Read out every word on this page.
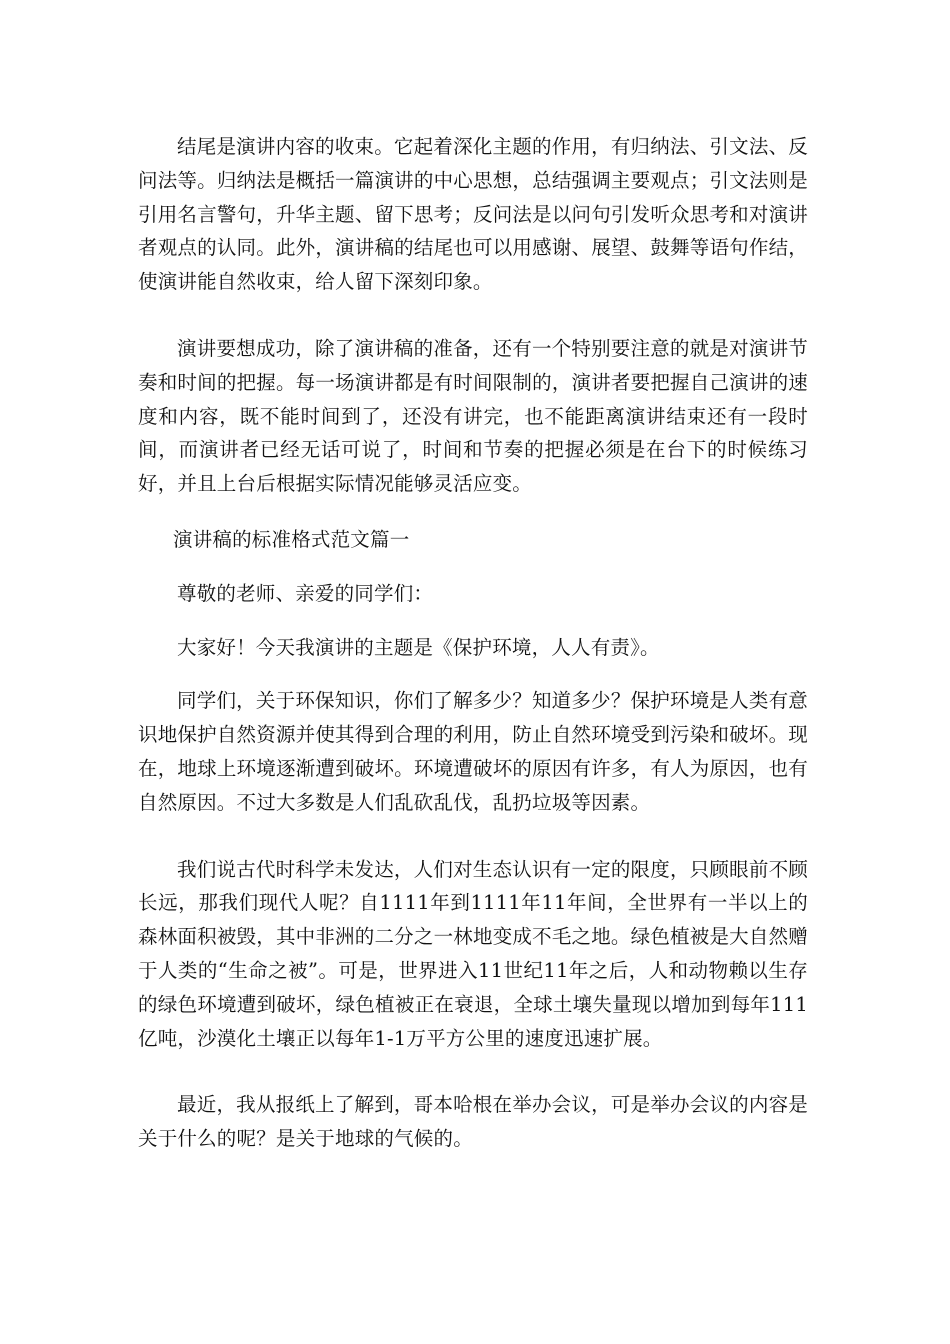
结尾是演讲内容的收束。它起着深化主题的作用，有归纳法、引文法、反问法等。归纳法是概括一篇演讲的中心思想，总结强调主要观点；引文法则是引用名言警句，升华主题、留下思考；反问法是以问句引发听众思考和对演讲者观点的认同。此外，演讲稿的结尾也可以用感谢、展望、鼓舞等语句作结，使演讲能自然收束，给人留下深刻印象。

演讲要想成功，除了演讲稿的准备，还有一个特别要注意的就是对演讲节奏和时间的把握。每一场演讲都是有时间限制的，演讲者要把握自己演讲的速度和内容，既不能时间到了，还没有讲完，也不能距离演讲结束还有一段时间，而演讲者已经无话可说了，时间和节奏的把握必须是在台下的时候练习好，并且上台后根据实际情况能够灵活应变。

演讲稿的标准格式范文篇一

尊敬的老师、亲爱的同学们：

大家好！今天我演讲的主题是《保护环境，人人有责》。

同学们，关于环保知识，你们了解多少？知道多少？保护环境是人类有意识地保护自然资源并使其得到合理的利用，防止自然环境受到污染和破坏。现在，地球上环境逐渐遭到破坏。环境遭破坏的原因有许多，有人为原因，也有自然原因。不过大多数是人们乱砍乱伐，乱扔垃圾等因素。

我们说古代时科学未发达，人们对生态认识有一定的限度，只顾眼前不顾长远，那我们现代人呢？自1111年到1111年11年间，全世界有一半以上的森林面积被毁，其中非洲的二分之一林地变成不毛之地。绿色植被是大自然赠于人类的“生命之被”。可是，世界进入11世纪11年之后，人和动物赖以生存的绿色环境遭到破坏，绿色植被正在衰退，全球土壤失量现以增加到每年111亿吨，沙漠化土壤正以每年1-1万平方公里的速度迅速扩展。

最近，我从报纸上了解到，哥本哈根在举办会议，可是举办会议的内容是关于什么的呢？是关于地球的气候的。
